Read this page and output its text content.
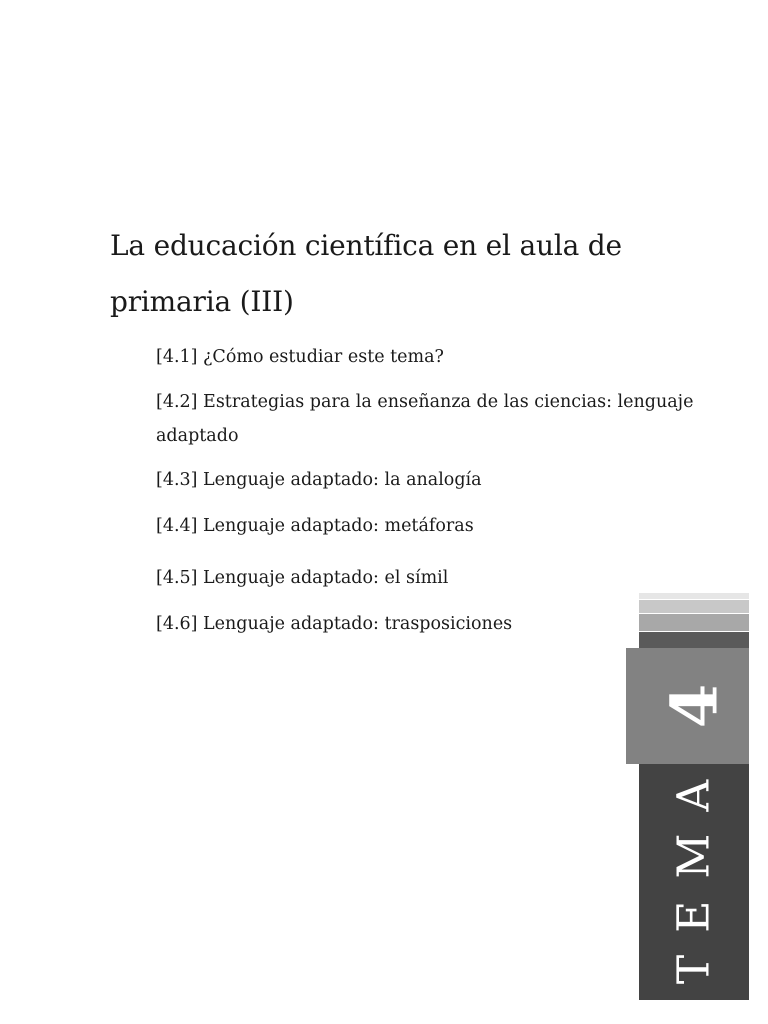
La educación científica en el aula de primaria (III)
[4.1] ¿Cómo estudiar este tema?
[4.2] Estrategias para la enseñanza de las ciencias: lenguaje adaptado
[4.3] Lenguaje adaptado: la analogía
[4.4] Lenguaje adaptado: metáforas
[4.5] Lenguaje adaptado: el símil
[4.6] Lenguaje adaptado: trasposiciones
4
TEMA
